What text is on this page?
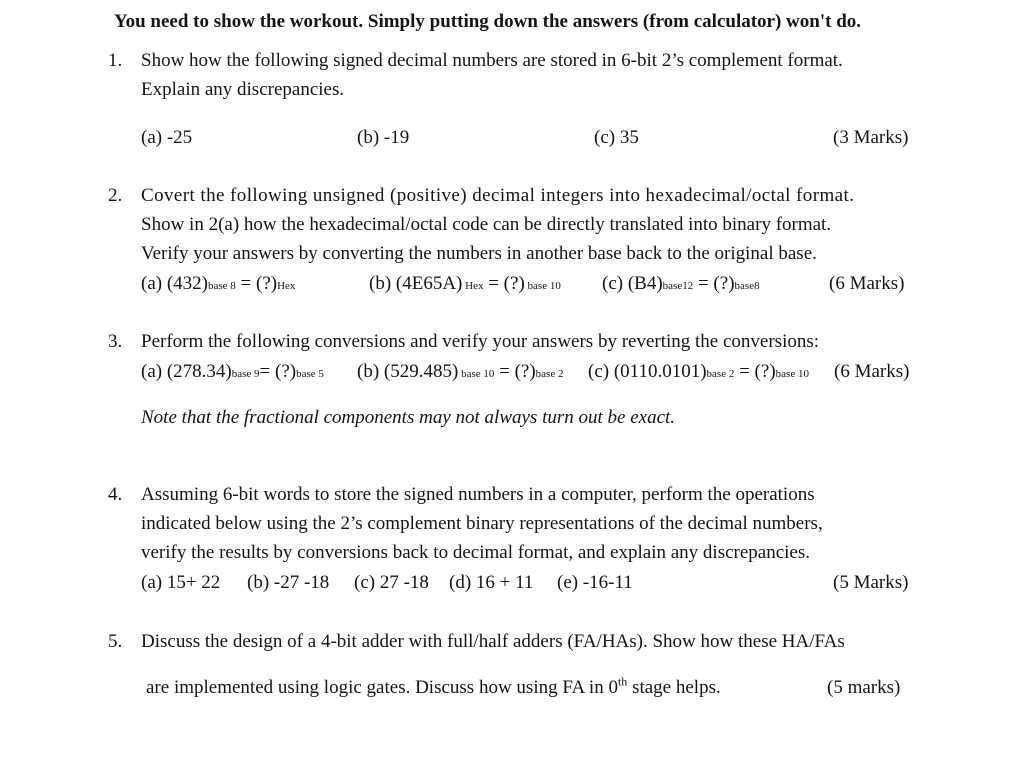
You need to show the workout. Simply putting down the answers (from calculator) won't do.
1. Show how the following signed decimal numbers are stored in 6-bit 2’s complement format.
Explain any discrepancies.
(a) -25	(b) -19	(c) 35	(3 Marks)
2. Covert the following unsigned (positive) decimal integers into hexadecimal/octal format.
Show in 2(a) how the hexadecimal/octal code can be directly translated into binary format.
Verify your answers by converting the numbers in another base back to the original base.
(a) (432)base 8 = (?)Hex	(b) (4E65A) Hex = (?) base 10 (c) (B4)base12 = (?)base8	(6 Marks)
3. Perform the following conversions and verify your answers by reverting the conversions:
(a) (278.34)base 9= (?)base 5 (b) (529.485) base 10 = (?)base 2 (c) (0110.0101)base 2 = (?)base 10 (6 Marks)
Note that the fractional components may not always turn out be exact.
4. Assuming 6-bit words to store the signed numbers in a computer, perform the operations
indicated below using the 2’s complement binary representations of the decimal numbers,
verify the results by conversions back to decimal format, and explain any discrepancies.
(a) 15+ 22 (b) -27 -18 (c) 27 -18 (d) 16 + 11 (e) -16-11	(5 Marks)
5. Discuss the design of a 4-bit adder with full/half adders (FA/HAs). Show how these HA/FAs
are implemented using logic gates. Discuss how using FA in 0th stage helps.	(5 marks)
